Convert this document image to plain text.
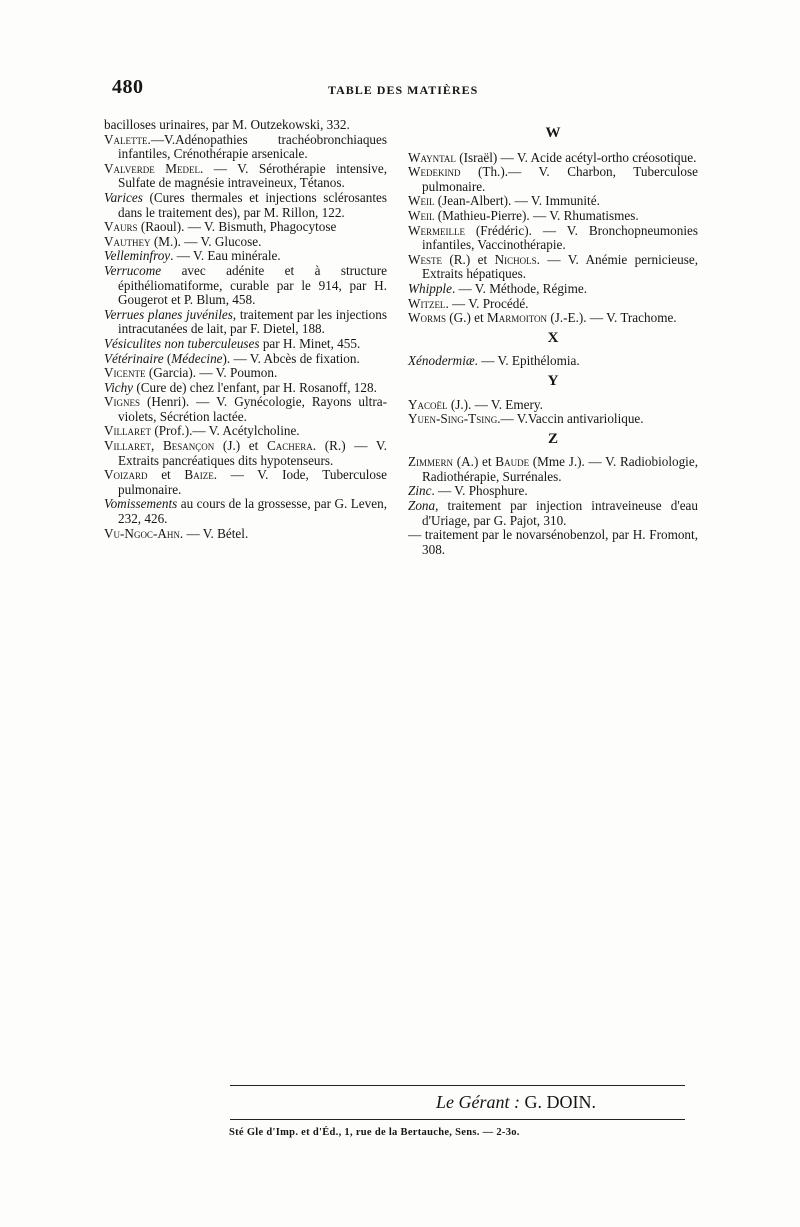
480	TABLE DES MATIÈRES

bacilloses urinaires, par M. Outzekowski, 332.

Valette.—V.Adénopathies trachéobronchiaques infantiles, Crénothérapie arsenicale.

Valverde Medel. — V. Sérothérapie intensive, Sulfate de magnésie intraveineux, Tétanos.

Varices (Cures thermales et injections sclérosantes dans le traitement des), par M. Rillon, 122.

Vaurs (Raoul). — V. Bismuth, Phagocytose

Vauthey (M.). — V. Glucose.

Velleminfroy. — V. Eau minérale.

Verrucome avec adénite et à structure épithéliomatiforme, curable par le 914, par H. Gougerot et P. Blum, 458.

Verrues planes juvéniles, traitement par les injections intracutanées de lait, par F. Dietel, 188.

Vésiculites non tuberculeuses par H. Minet, 455.

Vétérinaire (Médecine). — V. Abcès de fixation.

Vicente (Garcia). — V. Poumon.

Vichy (Cure de) chez l'enfant, par H. Rosanoff, 128.

Vignes (Henri). — V. Gynécologie, Rayons ultra-violets, Sécrétion lactée.

Villaret (Prof.).— V. Acétylcholine.

Villaret, Besançon (J.) et Cachera. (R.) — V. Extraits pancréatiques dits hypotenseurs.

Voizard et Baize. — V. Iode, Tuberculose pulmonaire.

Vomissements au cours de la grossesse, par G. Leven, 232, 426.

Vu-Ngoc-Ahn. — V. Bétel.

W

Wayntal (Israël) — V. Acide acétyl-ortho créosotique.

Wedekind (Th.).— V. Charbon, Tuberculose pulmonaire.

Weil (Jean-Albert). — V. Immunité.

Weil (Mathieu-Pierre). — V. Rhumatismes.

Wermeille (Frédéric). — V. Bronchopneumonies infantiles, Vaccinothérapie.

Weste (R.) et Nichols. — V. Anémie pernicieuse, Extraits hépatiques.

Whipple. — V. Méthode, Régime.

Witzel. — V. Procédé.

Worms (G.) et Marmoiton (J.-E.). — V. Trachome.

X

Xénodermiæ. — V. Epithélomia.

Y

Yacoël (J.). — V. Emery.

Yuen-Sing-Tsing.— V.Vaccin antivariolique.

Z

Zimmern (A.) et Baude (Mme J.). — V. Radiobiologie, Radiothérapie, Surrénales.

Zinc. — V. Phosphure.

Zona, traitement par injection intraveineuse d'eau d'Uriage, par G. Pajot, 310.

— traitement par le novarsénobenzol, par H. Fromont, 308.

Le Gérant : G. DOIN.
Sté Gle d'Imp. et d'Éd., 1, rue de la Bertauche, Sens. — 2-3o.
